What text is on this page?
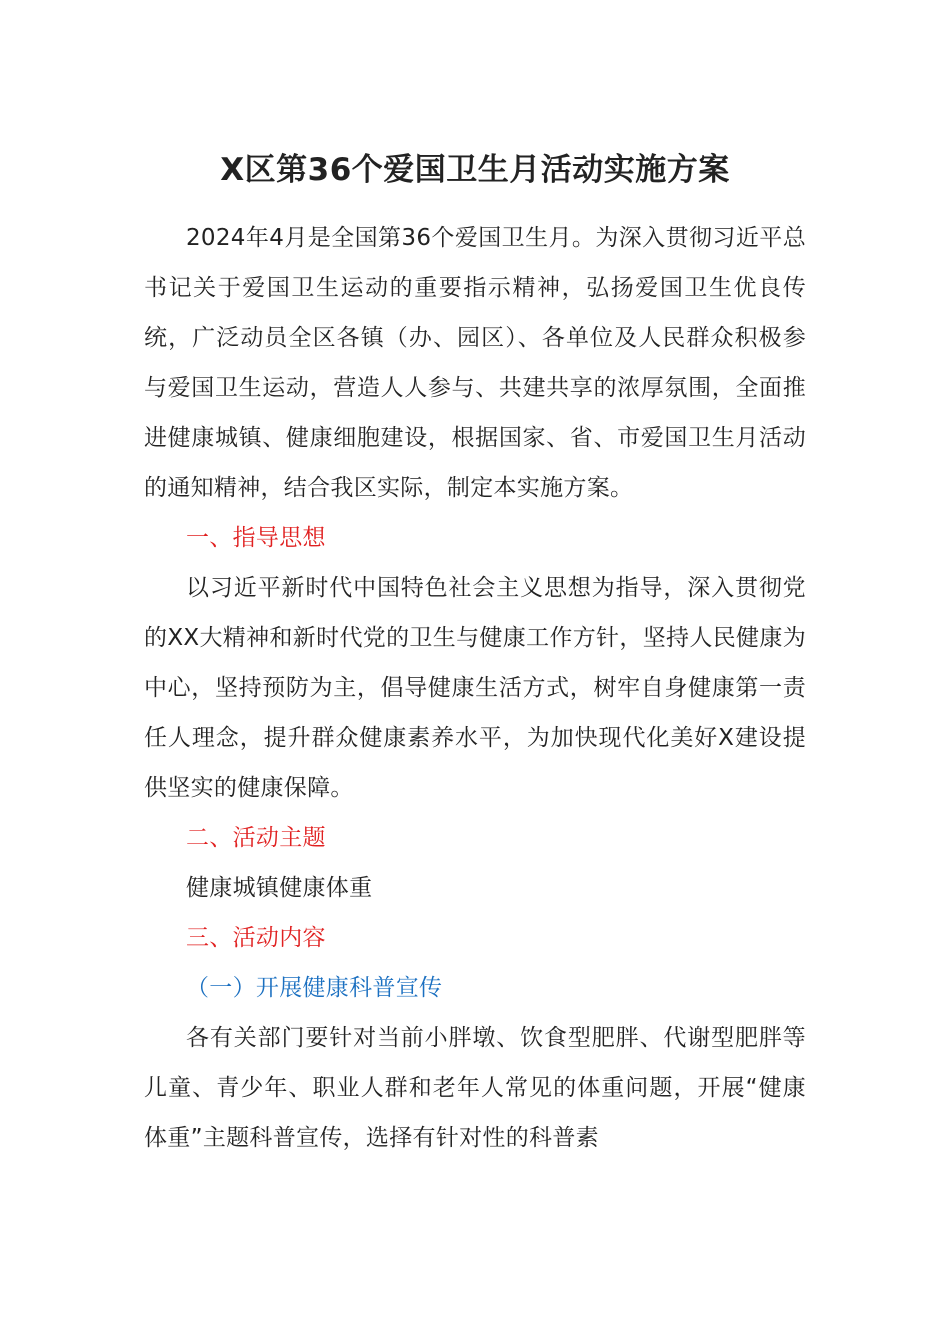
X区第36个爱国卫生月活动实施方案

2024年4月是全国第36个爱国卫生月。为深入贯彻习近平总书记关于爱国卫生运动的重要指示精神，弘扬爱国卫生优良传统，广泛动员全区各镇（办、园区）、各单位及人民群众积极参与爱国卫生运动，营造人人参与、共建共享的浓厚氛围，全面推进健康城镇、健康细胞建设，根据国家、省、市爱国卫生月活动的通知精神，结合我区实际，制定本实施方案。

一、指导思想

以习近平新时代中国特色社会主义思想为指导，深入贯彻党的XX大精神和新时代党的卫生与健康工作方针，坚持人民健康为中心，坚持预防为主，倡导健康生活方式，树牢自身健康第一责任人理念，提升群众健康素养水平，为加快现代化美好X建设提供坚实的健康保障。

二、活动主题

健康城镇健康体重

三、活动内容

（一）开展健康科普宣传

各有关部门要针对当前小胖墩、饮食型肥胖、代谢型肥胖等儿童、青少年、职业人群和老年人常见的体重问题，开展“健康体重”主题科普宣传，选择有针对性的科普素
